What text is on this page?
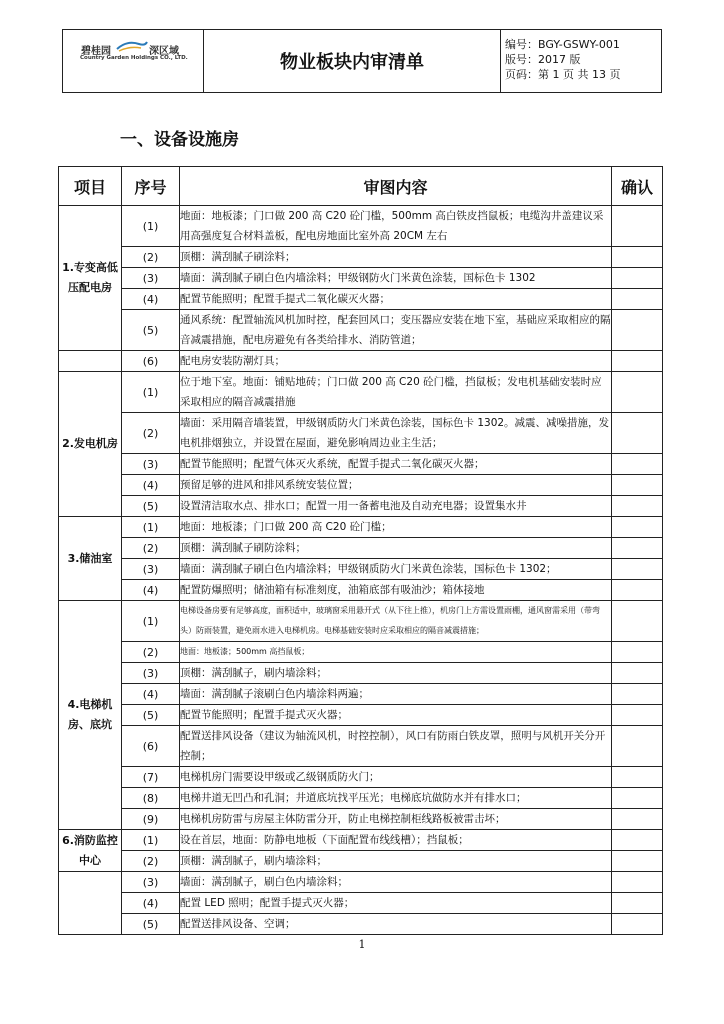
碧桂园	深区域
Country Garden Holdings CO., LTD.	物业板块内审清单
编号：BGY-GSWY-001
版号：2017 版
页码：第 1 页 共 13 页
一、设备设施房
项目	序号	审图内容	确认
1.专变高低压配电房	(1)	地面：地板漆；门口做 200 高 C20 砼门槛，500mm 高白铁皮挡鼠板；电缆沟井盖建议采用高强度复合材料盖板，配电房地面比室外高 20CM 左右	
	(2)	顶棚：满刮腻子刷涂料；	
	(3)	墙面：满刮腻子刷白色内墙涂料；甲级钢防火门米黄色涂装，国标色卡 1302	
	(4)	配置节能照明；配置手提式二氧化碳灭火器；	
	(5)	通风系统：配置轴流风机加时控，配套回风口；变压器应安装在地下室，基础应采取相应的隔音减震措施，配电房避免有各类给排水、消防管道；	
	(6)	配电房安装防潮灯具；	
2.发电机房	(1)	位于地下室。地面：铺贴地砖；门口做 200 高 C20 砼门槛，挡鼠板；发电机基础安装时应采取相应的隔音减震措施	
	(2)	墙面：采用隔音墙装置，甲级钢质防火门米黄色涂装，国标色卡 1302。减震、减噪措施，发电机排烟独立，并设置在屋面，避免影响周边业主生活；	
	(3)	配置节能照明；配置气体灭火系统，配置手提式二氧化碳灭火器；	
	(4)	预留足够的进风和排风系统安装位置；	
	(5)	设置清洁取水点、排水口；配置一用一备蓄电池及自动充电器；设置集水井	
3.储油室	(1)	地面：地板漆；门口做 200 高 C20 砼门槛；	
	(2)	顶棚：满刮腻子刷防涂料；	
	(3)	墙面：满刮腻子刷白色内墙涂料；甲级钢质防火门米黄色涂装，国标色卡 1302；	
	(4)	配置防爆照明；储油箱有标准刻度，油箱底部有吸油沙；箱体接地	
4.电梯机房、底坑	(1)	电梯设备房要有足够高度，面积适中，玻璃窗采用悬开式（从下往上推），机房门上方需设置雨棚，通风窗需采用（带弯头）防雨装置，避免雨水进入电梯机房。电梯基础安装时应采取相应的隔音减震措施；	
	(2)	地面：地板漆；500mm 高挡鼠板；	
	(3)	顶棚：满刮腻子，刷内墙涂料；	
	(4)	墙面：满刮腻子滚刷白色内墙涂料两遍；	
	(5)	配置节能照明；配置手提式灭火器；	
	(6)	配置送排风设备（建议为轴流风机，时控控制），风口有防雨白铁皮罩，照明与风机开关分开控制；	
	(7)	电梯机房门需要设甲级或乙级钢质防火门；	
	(8)	电梯井道无凹凸和孔洞；井道底坑找平压光；电梯底坑做防水并有排水口；	
	(9)	电梯机房防雷与房屋主体防雷分开，防止电梯控制柜线路板被雷击坏；	
6.消防监控中心	(1)	设在首层，地面：防静电地板（下面配置布线线槽）；挡鼠板；	
	(2)	顶棚：满刮腻子，刷内墙涂料；	
	(3)	墙面：满刮腻子，刷白色内墙涂料；	
	(4)	配置 LED 照明；配置手提式灭火器；	
	(5)	配置送排风设备、空调；	
1
